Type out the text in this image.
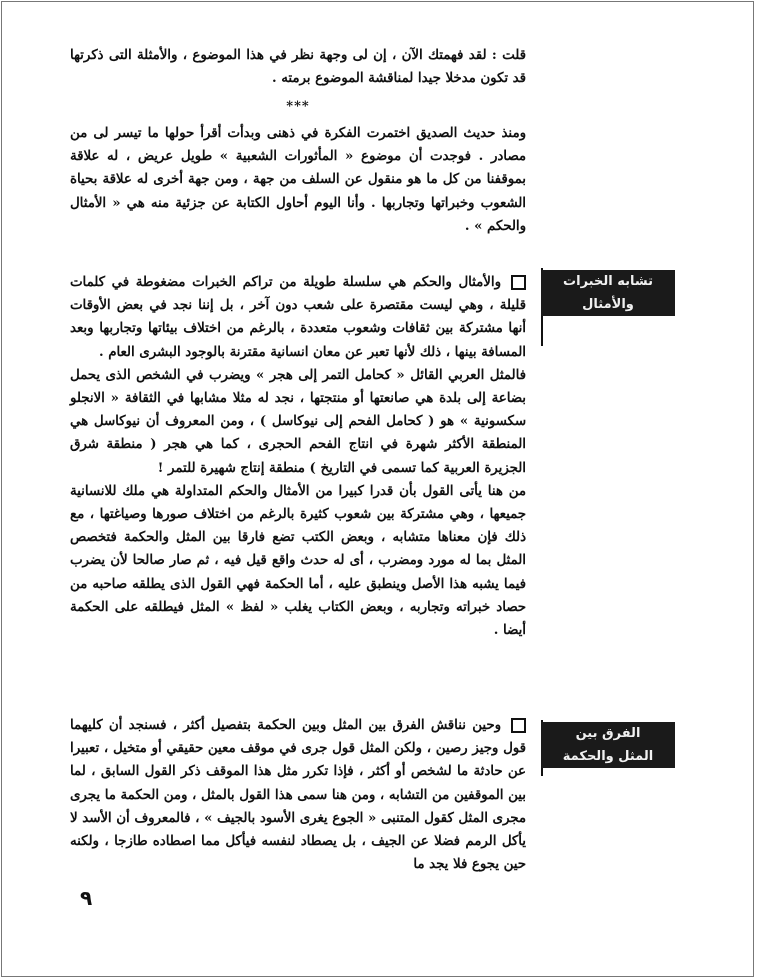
قلت : لقد فهمتك الآن ، إن لى وجهة نظر في هذا الموضوع ، والأمثلة التى ذكرتها قد تكون مدخلا جيدا لمناقشة الموضوع برمته .

***

ومنذ حديث الصديق اختمرت الفكرة في ذهنى وبدأت أقرأ حولها ما تيسر لى من مصادر . فوجدت أن موضوع « المأثورات الشعبية » طويل عريض ، له علاقة بموقفنا من كل ما هو منقول عن السلف من جهة ، ومن جهة أخرى له علاقة بحياة الشعوب وخبراتها وتجاربها . وأنا اليوم أحاول الكتابة عن جزئية منه هي « الأمثال والحكم » .

تشابه الخبرات
والأمثال

والأمثال والحكم هي سلسلة طويلة من تراكم الخبرات مضغوطة في كلمات قليلة ، وهي ليست مقتصرة على شعب دون آخر ، بل إننا نجد في بعض الأوقات أنها مشتركة بين ثقافات وشعوب متعددة ، بالرغم من اختلاف بيئاتها وتجاربها وبعد المسافة بينها ، ذلك لأنها تعبر عن معان انسانية مقترنة بالوجود البشرى العام .

فالمثل العربي القائل « كحامل التمر إلى هجر » ويضرب في الشخص الذى يحمل بضاعة إلى بلدة هي صانعتها أو منتجتها ، نجد له مثلا مشابها في الثقافة « الانجلو سكسونية » هو ( كحامل الفحم إلى نيوكاسل ) ، ومن المعروف أن نيوكاسل هي المنطقة الأكثر شهرة في انتاج الفحم الحجرى ، كما هي هجر ( منطقة شرق الجزيرة العربية كما تسمى في التاريخ ) منطقة إنتاج شهيرة للتمر !

من هنا يأتى القول بأن قدرا كبيرا من الأمثال والحكم المتداولة هي ملك للانسانية جميعها ، وهي مشتركة بين شعوب كثيرة بالرغم من اختلاف صورها وصياغتها ، مع ذلك فإن معناها متشابه ، وبعض الكتب تضع فارقا بين المثل والحكمة فتخصص المثل بما له مورد ومضرب ، أى له حدث واقع قيل فيه ، ثم صار صالحا لأن يضرب فيما يشبه هذا الأصل وينطبق عليه ، أما الحكمة فهي القول الذى يطلقه صاحبه من حصاد خبراته وتجاربه ، وبعض الكتاب يغلب « لفظ » المثل فيطلقه على الحكمة أيضا .

الفرق بين
المثل والحكمة

وحين نناقش الفرق بين المثل وبين الحكمة بتفصيل أكثر ، فسنجد أن كليهما قول وجيز رصين ، ولكن المثل قول جرى في موقف معين حقيقي أو متخيل ، تعبيرا عن حادثة ما لشخص أو أكثر ، فإذا تكرر مثل هذا الموقف ذكر القول السابق ، لما بين الموقفين من التشابه ، ومن هنا سمى هذا القول بالمثل ، ومن الحكمة ما يجرى مجرى المثل كقول المتنبى « الجوع يغرى الأسود بالجيف » ، فالمعروف أن الأسد لا يأكل الرمم فضلا عن الجيف ، بل يصطاد لنفسه فيأكل مما اصطاده طازجا ، ولكنه حين يجوع فلا يجد ما

٩
